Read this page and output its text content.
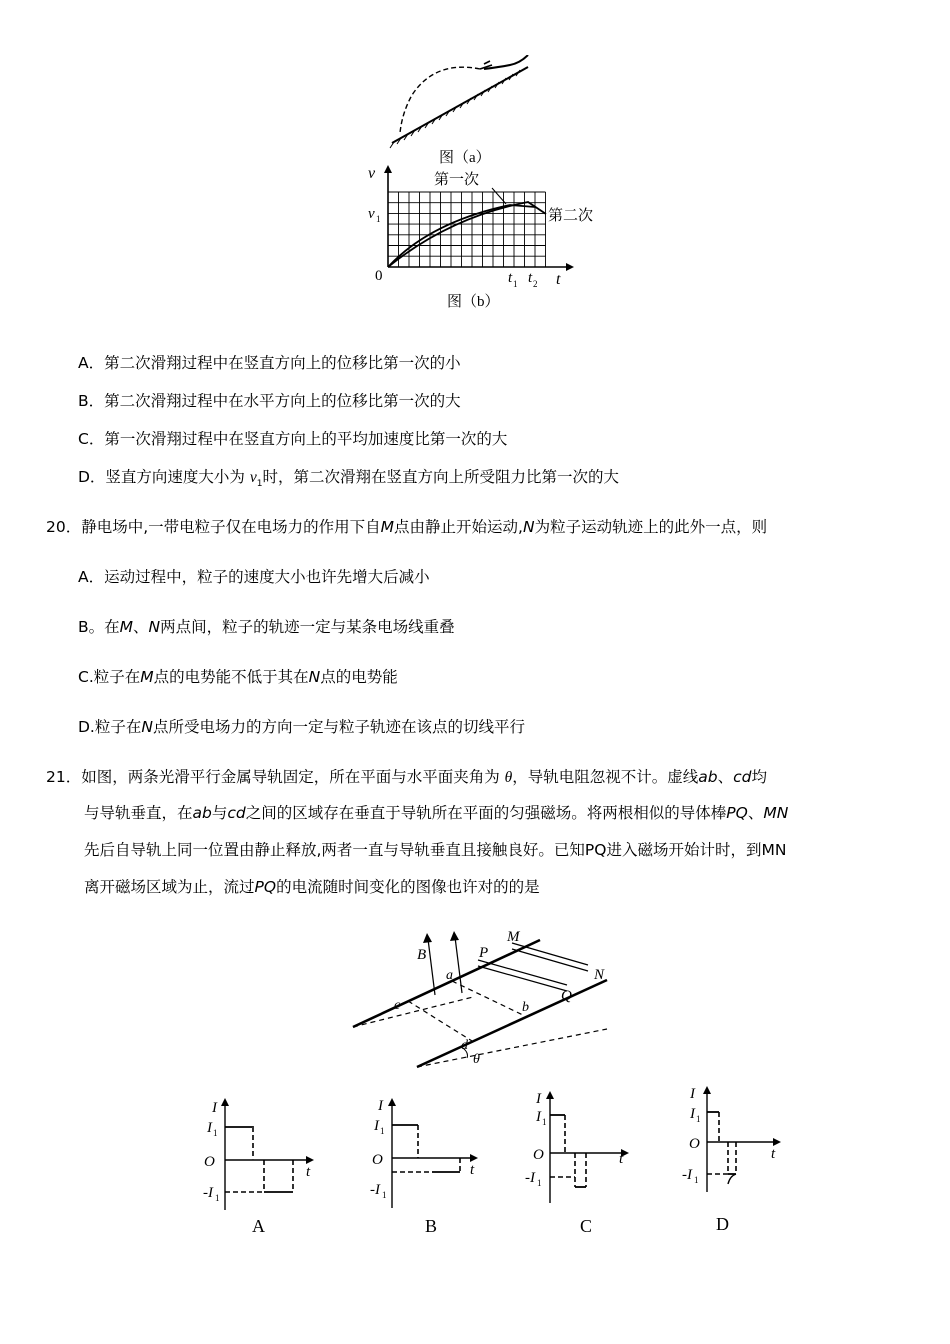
图（a）
v
v 1
0	t
t 1 t 2
第一次
第二次
图（b）
A．第二次滑翔过程中在竖直方向上的位移比第一次的小
B．第二次滑翔过程中在水平方向上的位移比第一次的大
C．第一次滑翔过程中在竖直方向上的平均加速度比第一次的大
D．竖直方向速度大小为 $v_1$时，第二次滑翔在竖直方向上所受阻力比第一次的大
20．静电场中,一带电粒子仅在电场力的作用下自M点由静止开始运动,N为粒子运动轨迹上的此外一点，则
A．运动过程中，粒子的速度大小也许先增大后减小
B。在M、N两点间，粒子的轨迹一定与某条电场线重叠
C.粒子在M点的电势能不低于其在N点的电势能
D.粒子在N点所受电场力的方向一定与粒子轨迹在该点的切线平行
21．如图，两条光滑平行金属导轨固定，所在平面与水平面夹角为 θ，导轨电阻忽视不计。虚线ab、cd均
与导轨垂直，在ab与cd之间的区域存在垂直于导轨所在平面的匀强磁场。将两根相似的导体棒PQ、MN
先后自导轨上同一位置由静止释放,两者一直与导轨垂直且接触良好。已知PQ进入磁场开始计时，到MN
离开磁场区域为止，流过PQ的电流随时间变化的图像也许对的的是
B
a
b
c
d
P
Q
M
N
θ
I
I 1
O
t
-I 1
A
I
I 1
O
t
-I 1
B
I
I 1
O	t
-I 1
C
I
I 1
O
t
-I 1
D
